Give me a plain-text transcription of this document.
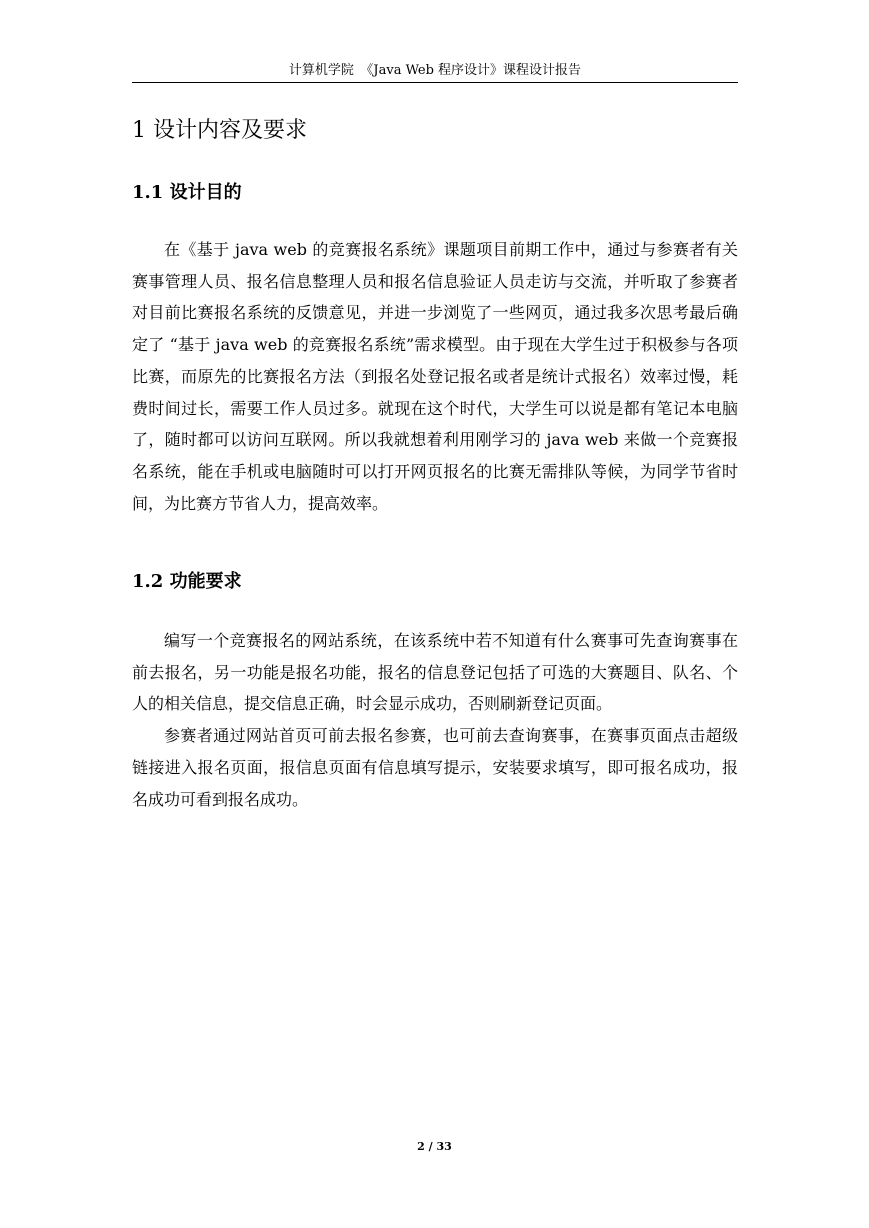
计算机学院　《Java Web 程序设计》课程设计报告
1 设计内容及要求
1.1 设计目的

在《基于 java web 的竞赛报名系统》课题项目前期工作中，通过与参赛者有关赛事管理人员、报名信息整理人员和报名信息验证人员走访与交流，并听取了参赛者对目前比赛报名系统的反馈意见，并进一步浏览了一些网页，通过我多次思考最后确定了 “基于 java web 的竞赛报名系统”需求模型。由于现在大学生过于积极参与各项比赛，而原先的比赛报名方法（到报名处登记报名或者是统计式报名）效率过慢，耗费时间过长，需要工作人员过多。就现在这个时代，大学生可以说是都有笔记本电脑了，随时都可以访问互联网。所以我就想着利用刚学习的 java web 来做一个竞赛报名系统，能在手机或电脑随时可以打开网页报名的比赛无需排队等候，为同学节省时间，为比赛方节省人力，提高效率。

1.2 功能要求

编写一个竞赛报名的网站系统，在该系统中若不知道有什么赛事可先查询赛事在前去报名，另一功能是报名功能，报名的信息登记包括了可选的大赛题目、队名、个人的相关信息，提交信息正确，时会显示成功，否则刷新登记页面。

参赛者通过网站首页可前去报名参赛，也可前去查询赛事，在赛事页面点击超级链接进入报名页面，报信息页面有信息填写提示，安装要求填写，即可报名成功，报名成功可看到报名成功。

2 / 33
